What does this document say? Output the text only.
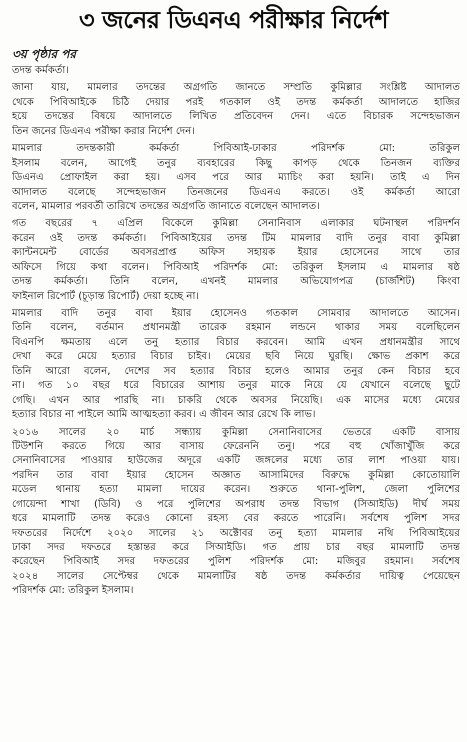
৩ জনের ডিএনএ পরীক্ষার নির্দেশ
৩য় পৃষ্ঠার পর
তদন্ত কর্মকর্তা।
জানা যায়, মামলার তদন্তের অগ্রগতি জানতে সম্প্রতি কুমিল্লার সংশ্লিষ্ট আদালত
থেকে পিবিআইকে চিঠি দেয়ার পরই গতকাল ওই তদন্ত কর্মকর্তা আদালতে হাজির
হয়ে তদন্তের বিষয়ে আদালতে লিখিত প্রতিবেদন দেন। এতে বিচারক সন্দেহভাজন
তিন জনের ডিএনএ পরীক্ষা করার নির্দেশ দেন।
মামলার তদন্তকারী কর্মকর্তা পিবিআই-ঢাকার পরিদর্শক মো: তরিকুল
ইসলাম বলেন, আগেই তনুর ব্যবহারের কিছু কাপড় থেকে তিনজন ব্যক্তির
ডিএনএ প্রোফাইল করা হয়। এসব পরে আর ম্যাচিং করা হয়নি। তাই এ দিন
আদালত বলেছে সন্দেহভাজন তিনজনের ডিএনএ করতে। ওই কর্মকর্তা আরো
বলেন, মামলার পরবর্তী তারিখে তদন্তের অগ্রগতি জানাতে বলেছেন আদালত।
গত বছরের ৭ এপ্রিল বিকেলে কুমিল্লা সেনানিবাস এলাকার ঘটনাস্থল পরিদর্শন
করেন ওই তদন্ত কর্মকর্তা। পিবিআইয়ের তদন্ত টিম মামলার বাদি তনুর বাবা কুমিল্লা
ক্যান্টনমেন্ট বোর্ডের অবসরপ্রাপ্ত অফিস সহায়ক ইয়ার হোসেনের সাথে তার
অফিসে গিয়ে কথা বলেন। পিবিআই পরিদর্শক মো: তরিকুল ইসলাম এ মামলার ষষ্ঠ
তদন্ত কর্মকর্তা। তিনি বলেন, এখনই মামলার অভিযোগপত্র (চার্জশিট) কিংবা
ফাইনাল রিপোর্ট (চূড়ান্ত রিপোর্ট) দেয়া হচ্ছে না।
মামলার বাদি তনুর বাবা ইয়ার হোসেনও গতকাল সোমবার আদালতে আসেন।
তিনি বলেন, বর্তমান প্রধানমন্ত্রী তারেক রহমান লন্ডনে থাকার সময় বলেছিলেন
বিএনপি ক্ষমতায় এলে তনু হত্যার বিচার করবেন। আমি এখন প্রধানমন্ত্রীর সাথে
দেখা করে মেয়ে হত্যার বিচার চাইব। মেয়ের ছবি নিয়ে ঘুরছি। ক্ষোভ প্রকাশ করে
তিনি আরো বলেন, দেশের সব হত্যার বিচার হলেও আমার তনুর কেন বিচার হবে
না। গত ১০ বছর ধরে বিচারের আশায় তনুর মাকে নিয়ে যে যেখানে বলেছে ছুটে
গেছি। এখন আর পারছি না। চাকরি থেকে অবসর নিয়েছি। এক মাসের মধ্যে মেয়ের
হত্যার বিচার না পাইলে আমি আত্মহত্যা করব। এ জীবন আর রেখে কি লাভ।
২০১৬ সালের ২০ মার্চ সন্ধ্যায় কুমিল্লা সেনানিবাসের ভেতরে একটি বাসায়
টিউশনি করতে গিয়ে আর বাসায় ফেরেননি তনু। পরে বহু খোঁজাখুঁজি করে
সেনানিবাসের পাওয়ার হাউজের অদূরে একটি জঙ্গলের মধ্যে তার লাশ পাওয়া যায়।
পরদিন তার বাবা ইয়ার হোসেন অজ্ঞাত আসামিদের বিরুদ্ধে কুমিল্লা কোতোয়ালি
মডেল থানায় হত্যা মামলা দায়ের করেন। শুরুতে থানা-পুলিশ, জেলা পুলিশের
গোয়েন্দা শাখা (ডিবি) ও পরে পুলিশের অপরাধ তদন্ত বিভাগ (সিআইডি) দীর্ঘ সময়
ধরে মামলাটি তদন্ত করেও কোনো রহস্য বের করতে পারেনি। সর্বশেষ পুলিশ সদর
দফতরের নির্দেশে ২০২০ সালের ২১ অক্টোবর তনু হত্যা মামলার নথি পিবিআইয়ের
ঢাকা সদর দফতরে হস্তান্তর করে সিআইডি। গত প্রায় চার বছর মামলাটি তদন্ত
করেছেন পিবিআই সদর দফতরের পুলিশ পরিদর্শক মো: মজিবুর রহমান। সর্বশেষ
২০২৪ সালের সেপ্টেম্বর থেকে মামলাটির ষষ্ঠ তদন্ত কর্মকর্তার দায়িত্ব পেয়েছেন
পরিদর্শক মো: তরিকুল ইসলাম।
